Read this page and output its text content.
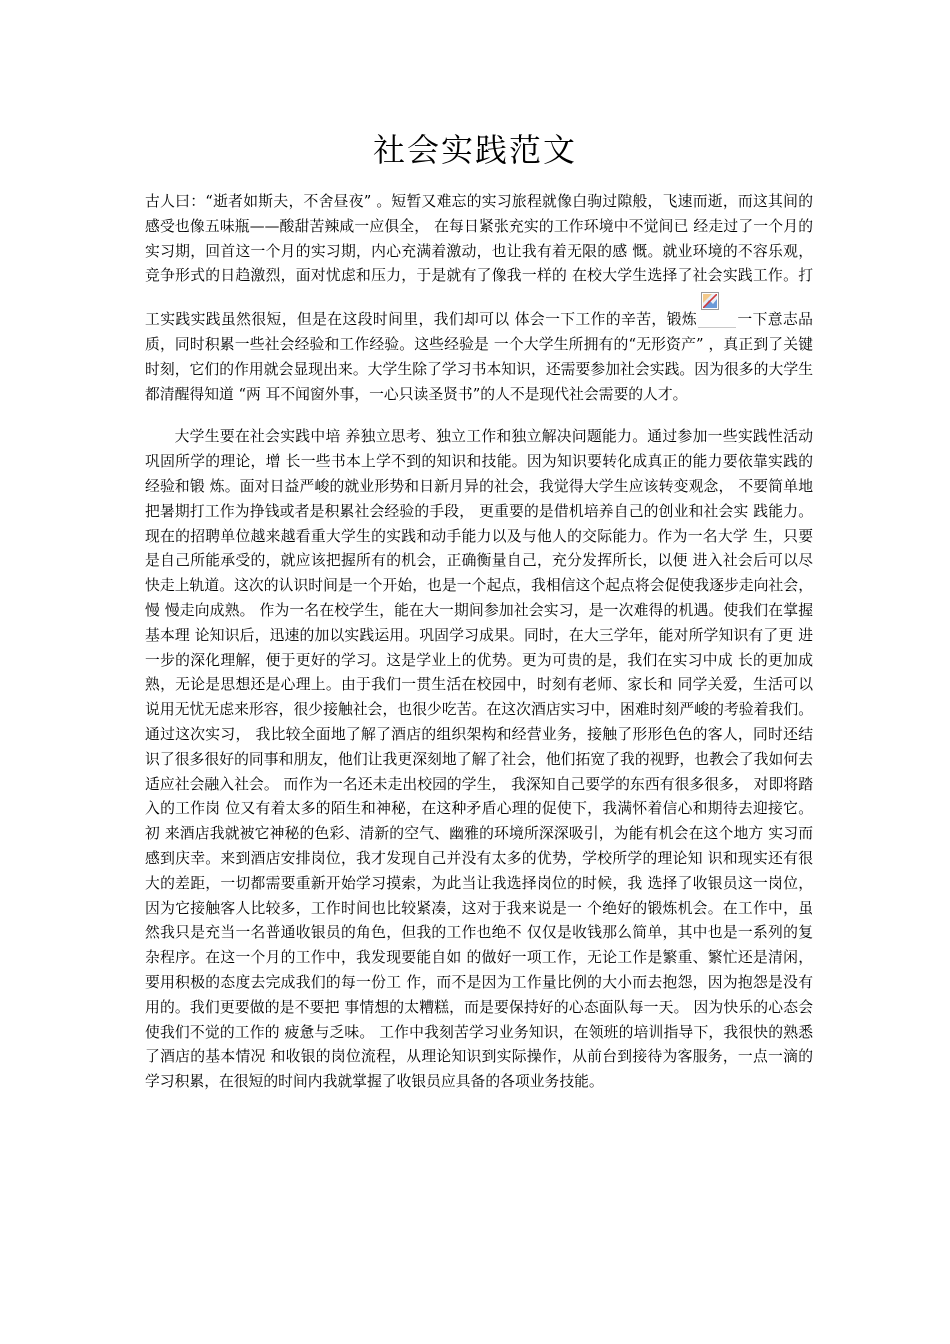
社会实践范文

古人曰：“逝者如斯夫，不舍昼夜” 。短暂又难忘的实习旅程就像白驹过隙般，飞速而逝，而这其间的感受也像五味瓶——酸甜苦辣咸一应俱全， 在每日紧张充实的工作环境中不觉间已 经走过了一个月的实习期，回首这一个月的实习期，内心充满着激动，也让我有着无限的感 慨。就业环境的不容乐观，竞争形式的日趋激烈，面对忧虑和压力，于是就有了像我一样的 在校大学生选择了社会实践工作。打工实践实践虽然很短，但是在这段时间里，我们却可以 体会一下工作的辛苦，锻炼	一下意志品质，同时积累一些社会经验和工作经验。这些经验是 一个大学生所拥有的“无形资产” ，真正到了关键时刻，它们的作用就会显现出来。大学生除了学习书本知识，还需要参加社会实践。因为很多的大学生都清醒得知道 “两 耳不闻窗外事，一心只读圣贤书”的人不是现代社会需要的人才。

大学生要在社会实践中培 养独立思考、独立工作和独立解决问题能力。通过参加一些实践性活动巩固所学的理论，增 长一些书本上学不到的知识和技能。因为知识要转化成真正的能力要依靠实践的经验和锻 炼。面对日益严峻的就业形势和日新月异的社会，我觉得大学生应该转变观念， 不要简单地 把暑期打工作为挣钱或者是积累社会经验的手段， 更重要的是借机培养自己的创业和社会实 践能力。 现在的招聘单位越来越看重大学生的实践和动手能力以及与他人的交际能力。作为一名大学 生，只要是自己所能承受的，就应该把握所有的机会，正确衡量自己，充分发挥所长，以便 进入社会后可以尽快走上轨道。这次的认识时间是一个开始，也是一个起点，我相信这个起点将会促使我逐步走向社会，慢 慢走向成熟。 作为一名在校学生，能在大一期间参加社会实习，是一次难得的机遇。使我们在掌握基本理 论知识后，迅速的加以实践运用。巩固学习成果。同时，在大三学年，能对所学知识有了更 进一步的深化理解，便于更好的学习。这是学业上的优势。更为可贵的是，我们在实习中成 长的更加成熟，无论是思想还是心理上。由于我们一贯生活在校园中，时刻有老师、家长和 同学关爱，生活可以说用无忧无虑来形容，很少接触社会，也很少吃苦。在这次酒店实习中，困难时刻严峻的考验着我们。 通过这次实习， 我比较全面地了解了酒店的组织架构和经营业务，接触了形形色色的客人，同时还结识了很多很好的同事和朋友，他们让我更深刻地了解了社会，他们拓宽了我的视野，也教会了我如何去适应社会融入社会。 而作为一名还未走出校园的学生， 我深知自己要学的东西有很多很多， 对即将踏入的工作岗 位又有着太多的陌生和神秘，在这种矛盾心理的促使下，我满怀着信心和期待去迎接它。初 来酒店我就被它神秘的色彩、清新的空气、幽雅的环境所深深吸引，为能有机会在这个地方 实习而感到庆幸。来到酒店安排岗位，我才发现自己并没有太多的优势，学校所学的理论知 识和现实还有很大的差距，一切都需要重新开始学习摸索，为此当让我选择岗位的时候，我 选择了收银员这一岗位，因为它接触客人比较多，工作时间也比较紧凑，这对于我来说是一 个绝好的锻炼机会。在工作中，虽然我只是充当一名普通收银员的角色，但我的工作也绝不 仅仅是收钱那么简单，其中也是一系列的复杂程序。在这一个月的工作中，我发现要能自如 的做好一项工作，无论工作是繁重、繁忙还是清闲，要用积极的态度去完成我们的每一份工 作，而不是因为工作量比例的大小而去抱怨，因为抱怨是没有用的。我们更要做的是不要把 事情想的太糟糕，而是要保持好的心态面队每一天。 因为快乐的心态会使我们不觉的工作的 疲惫与乏味。 工作中我刻苦学习业务知识，在领班的培训指导下，我很快的熟悉了酒店的基本情况 和收银的岗位流程，从理论知识到实际操作，从前台到接待为客服务，一点一滴的学习积累，在很短的时间内我就掌握了收银员应具备的各项业务技能。
